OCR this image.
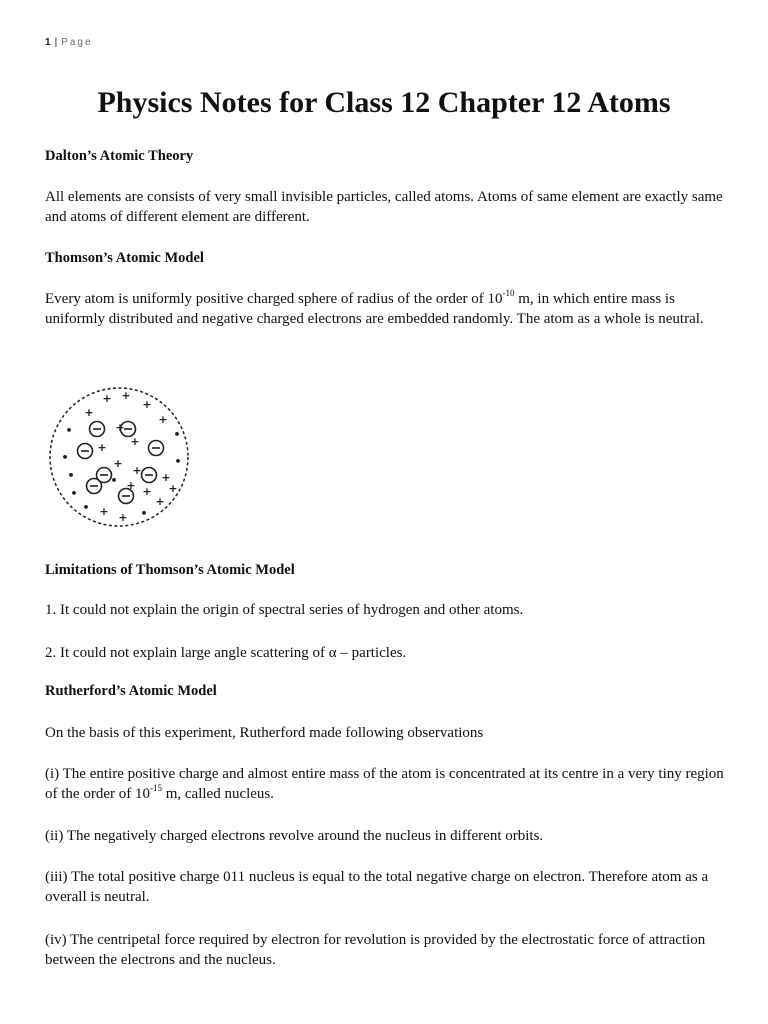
1 | Page
Physics Notes for Class 12 Chapter 12 Atoms
Dalton’s Atomic Theory

All elements are consists of very small invisible particles, called atoms. Atoms of same element are exactly same and atoms of different element are different.

Thomson’s Atomic Model

Every atom is uniformly positive charged sphere of radius of the order of $10^{-10}$ m, in which entire mass is uniformly distributed and negative charged electrons are embedded randomly. The atom as a whole is neutral.

+ +
+
+
+
•	+
•
•
+ +
+	•
+
•	•	+
•	+ +
• + + •
+
+
Limitations of Thomson’s Atomic Model

1. It could not explain the origin of spectral series of hydrogen and other atoms.

2. It could not explain large angle scattering of α – particles.

Rutherford’s Atomic Model

On the basis of this experiment, Rutherford made following observations

(i) The entire positive charge and almost entire mass of the atom is concentrated at its centre in a very tiny region of the order of $10^{-15}$ m, called nucleus.

(ii) The negatively charged electrons revolve around the nucleus in different orbits.

(iii) The total positive charge 011 nucleus is equal to the total negative charge on electron. Therefore atom as a overall is neutral.

(iv) The centripetal force required by electron for revolution is provided by the electrostatic force of attraction between the electrons and the nucleus.
